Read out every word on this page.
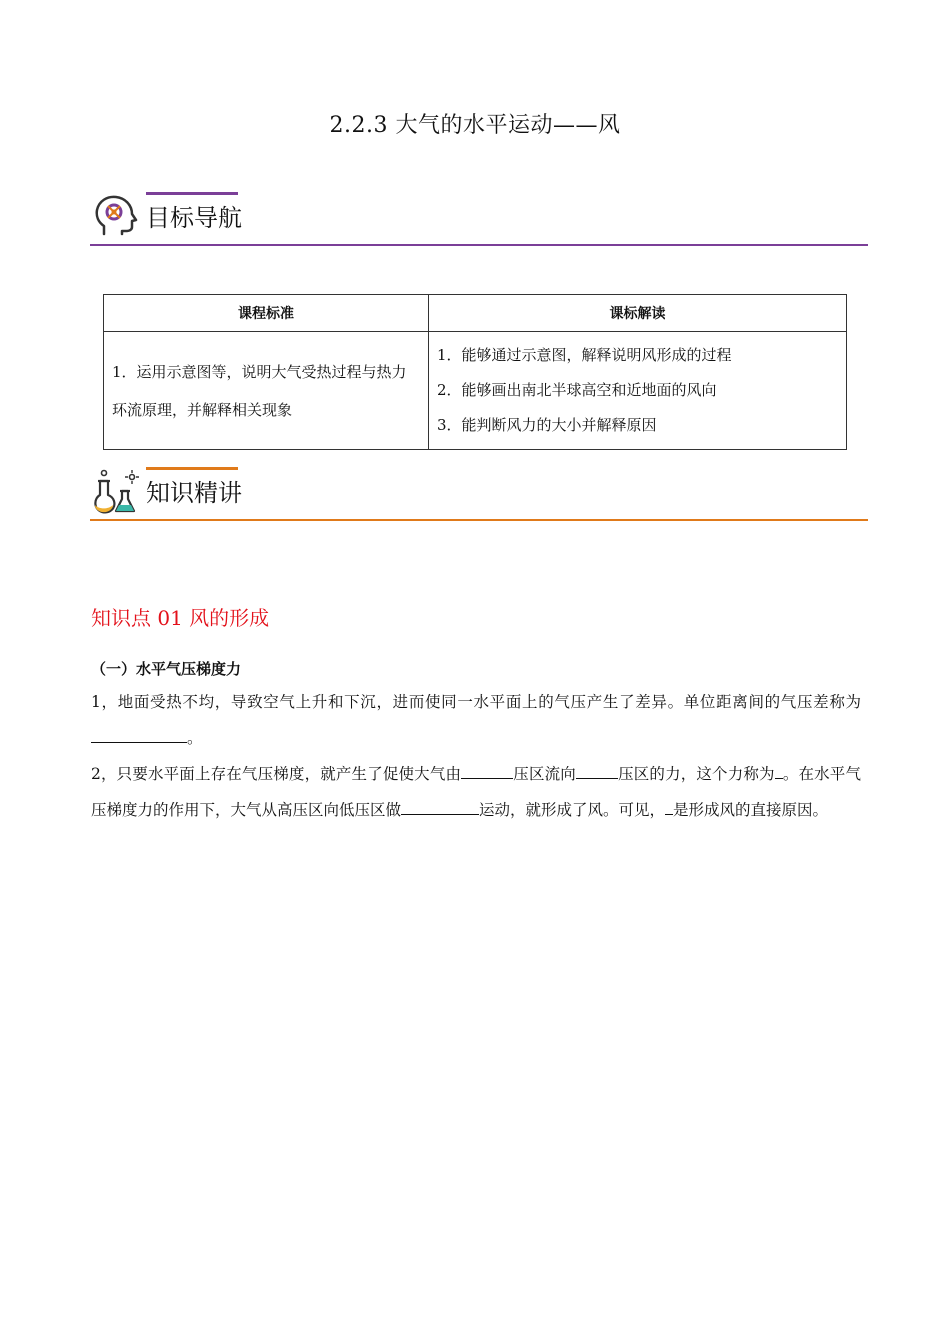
2.2.3 大气的水平运动——风
目标导航
课程标准	课标解读
1．运用示意图等，说明大气受热过程与热力环流原理，并解释相关现象	1．能够通过示意图，解释说明风形成的过程
2．能够画出南北半球高空和近地面的风向
3．能判断风力的大小并解释原因
知识精讲
知识点 01 风的形成
（一）水平气压梯度力
1，地面受热不均，导致空气上升和下沉，进而使同一水平面上的气压产生了差异。单位距离间的气压差称为。
2，只要水平面上存在气压梯度，就产生了促使大气由	压区流向	压区的力，这个力称为 。在水平气压梯度力的作用下，大气从高压区向低压区做	运动，就形成了风。可见， 是形成风的直接原因。
